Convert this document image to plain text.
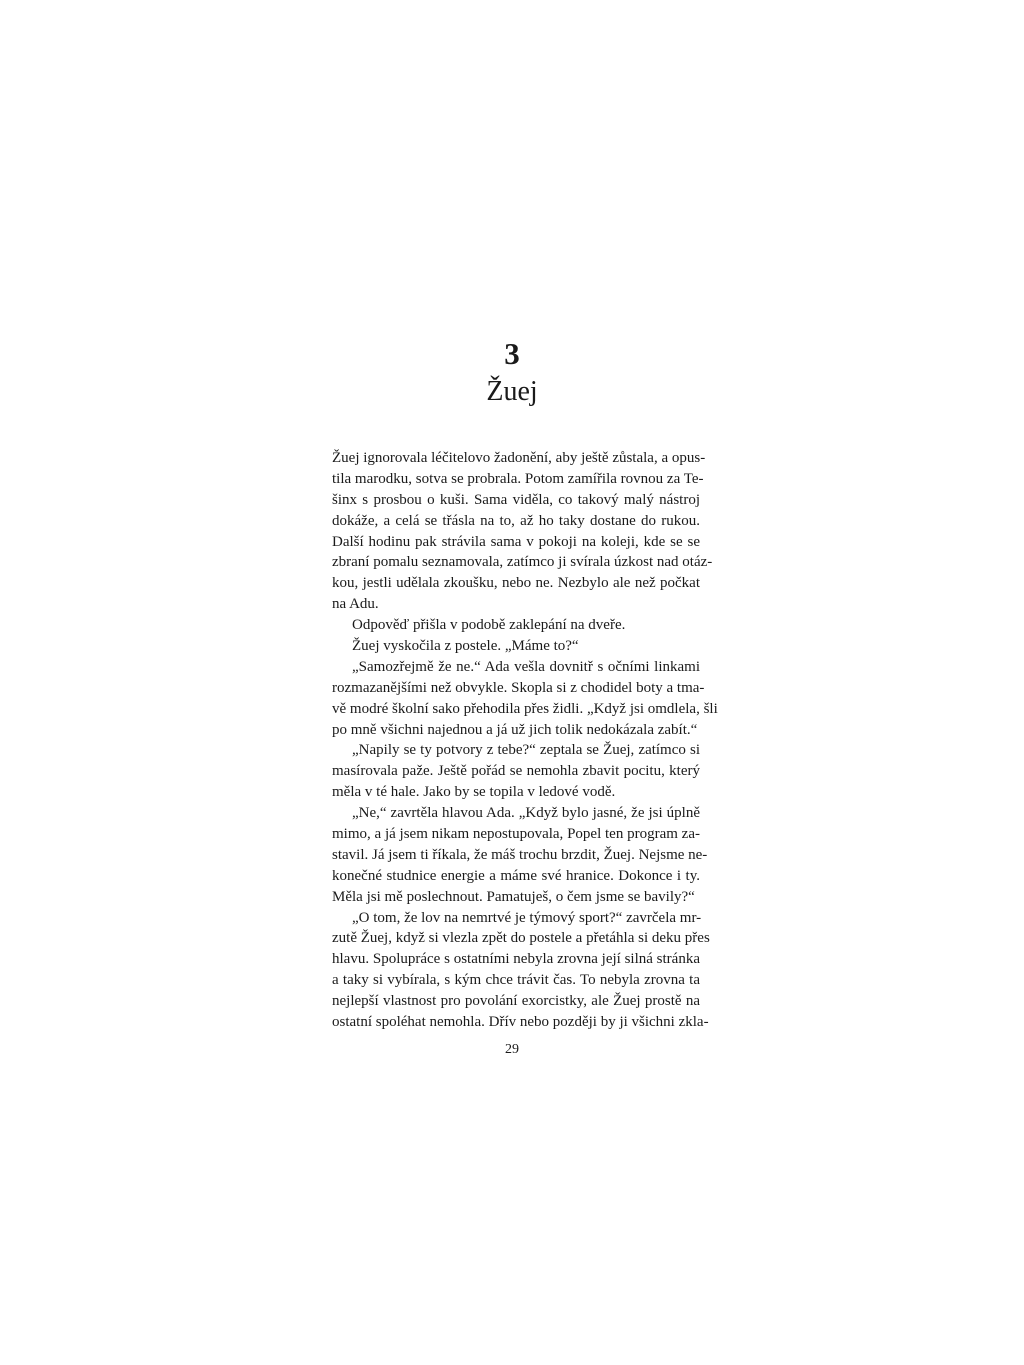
3
Žuej
Žuej ignorovala léčitelovo žadonění, aby ještě zůstala, a opus-
tila marodku, sotva se probrala. Potom zamířila rovnou za Te-
šinx s prosbou o kuši. Sama viděla, co takový malý nástroj
dokáže, a celá se třásla na to, až ho taky dostane do rukou.
Další hodinu pak strávila sama v pokoji na koleji, kde se se
zbraní pomalu seznamovala, zatímco ji svírala úzkost nad otáz-
kou, jestli udělala zkoušku, nebo ne. Nezbylo ale než počkat
na Adu.
Odpověď přišla v podobě zaklepání na dveře.
Žuej vyskočila z postele. „Máme to?“
„Samozřejmě že ne.“ Ada vešla dovnitř s očními linkami
rozmazanějšími než obvykle. Skopla si z chodidel boty a tma-
vě modré školní sako přehodila přes židli. „Když jsi omdlela, šli
po mně všichni najednou a já už jich tolik nedokázala zabít.“
„Napily se ty potvory z tebe?“ zeptala se Žuej, zatímco si
masírovala paže. Ještě pořád se nemohla zbavit pocitu, který
měla v té hale. Jako by se topila v ledové vodě.
„Ne,“ zavrtěla hlavou Ada. „Když bylo jasné, že jsi úplně
mimo, a já jsem nikam nepostupovala, Popel ten program za-
stavil. Já jsem ti říkala, že máš trochu brzdit, Žuej. Nejsme ne-
konečné studnice energie a máme své hranice. Dokonce i ty.
Měla jsi mě poslechnout. Pamatuješ, o čem jsme se bavily?“
„O tom, že lov na nemrtvé je týmový sport?“ zavrčela mr-
zutě Žuej, když si vlezla zpět do postele a přetáhla si deku přes
hlavu. Spolupráce s ostatními nebyla zrovna její silná stránka
a taky si vybírala, s kým chce trávit čas. To nebyla zrovna ta
nejlepší vlastnost pro povolání exorcistky, ale Žuej prostě na
ostatní spoléhat nemohla. Dřív nebo později by ji všichni zkla-
29
